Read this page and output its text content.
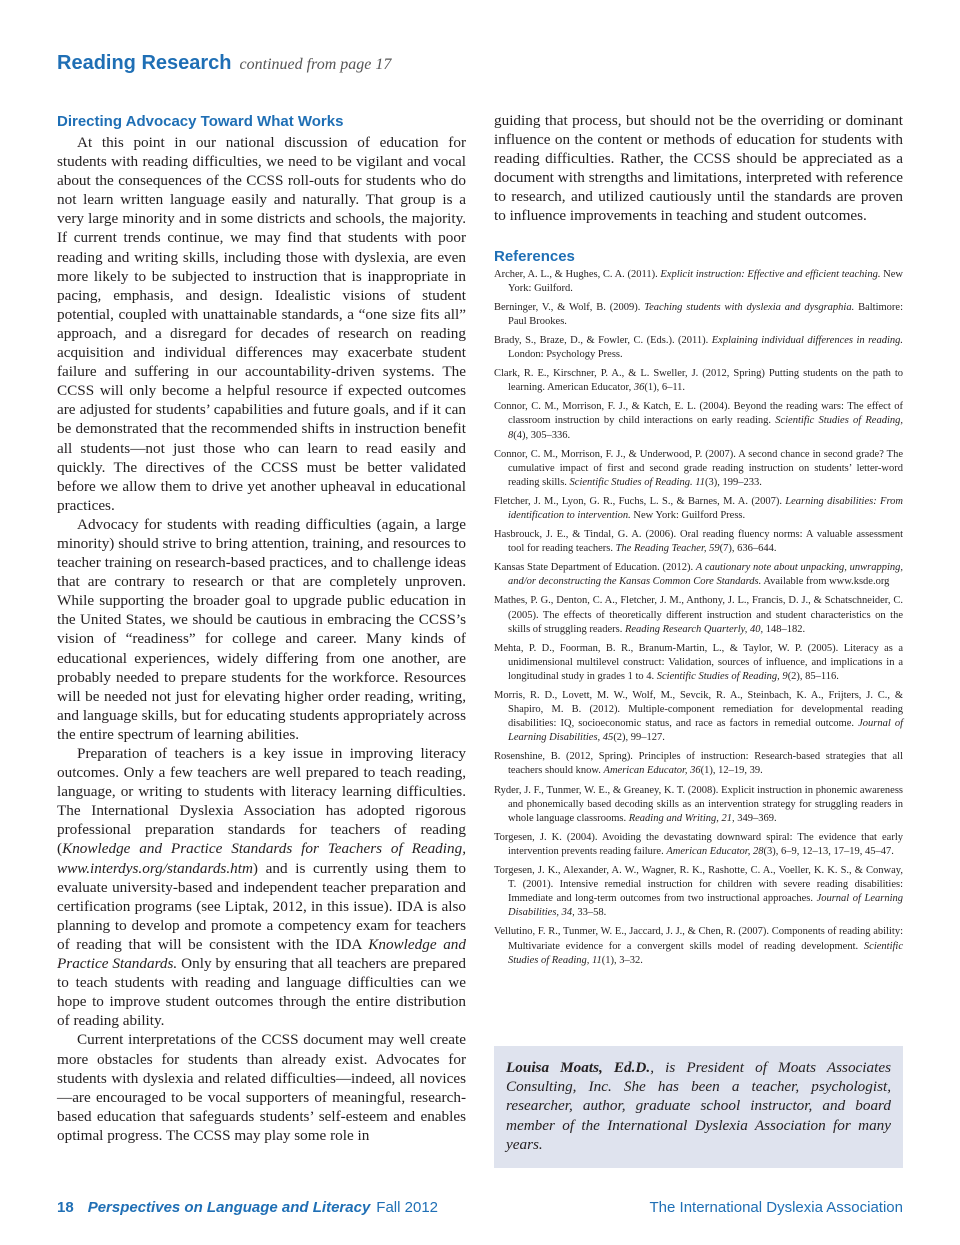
Reading Research continued from page 17
Directing Advocacy Toward What Works

At this point in our national discussion of education for students with reading difficulties, we need to be vigilant and vocal about the consequences of the CCSS roll-outs for students who do not learn written language easily and naturally. That group is a very large minority and in some districts and schools, the majority. If current trends continue, we may find that students with poor reading and writing skills, including those with dyslexia, are even more likely to be subjected to instruction that is inappropriate in pacing, emphasis, and design. Idealistic visions of student potential, coupled with unattainable standards, a “one size fits all” approach, and a disregard for decades of research on reading acquisition and individual differences may exacerbate student failure and suffering in our accountability-driven systems. The CCSS will only become a helpful resource if expected outcomes are adjusted for students’ capabilities and future goals, and if it can be demonstrated that the recommended shifts in instruction benefit all students—not just those who can learn to read easily and quickly. The directives of the CCSS must be better validated before we allow them to drive yet another upheaval in educational practices.

Advocacy for students with reading difficulties (again, a large minority) should strive to bring attention, training, and resources to teacher training on research-based practices, and to challenge ideas that are contrary to research or that are completely unproven. While supporting the broader goal to upgrade public education in the United States, we should be cautious in embracing the CCSS’s vision of “readiness” for college and career. Many kinds of educational experiences, widely differing from one another, are probably needed to prepare students for the workforce. Resources will be needed not just for elevating higher order reading, writing, and language skills, but for educating students appropriately across the entire spectrum of learning abilities.

Preparation of teachers is a key issue in improving literacy outcomes. Only a few teachers are well prepared to teach reading, language, or writing to students with literacy learning difficulties. The International Dyslexia Association has adopted rigorous professional preparation standards for teachers of reading (Knowledge and Practice Standards for Teachers of Reading, www.interdys.org/standards.htm) and is currently using them to evaluate university-based and independent teacher preparation and certification programs (see Liptak, 2012, in this issue). IDA is also planning to develop and promote a competency exam for teachers of reading that will be consistent with the IDA Knowledge and Practice Standards. Only by ensuring that all teachers are prepared to teach students with reading and language difficulties can we hope to improve student outcomes through the entire distribution of reading ability.

Current interpretations of the CCSS document may well create more obstacles for students than already exist. Advocates for students with dyslexia and related difficulties—indeed, all novices—are encouraged to be vocal supporters of meaningful, research-based education that safeguards students’ self-esteem and enables optimal progress. The CCSS may play some role in

guiding that process, but should not be the overriding or dominant influence on the content or methods of education for students with reading difficulties. Rather, the CCSS should be appreciated as a document with strengths and limitations, interpreted with reference to research, and utilized cautiously until the standards are proven to influence improvements in teaching and student outcomes.

References
Archer, A. L., & Hughes, C. A. (2011). Explicit instruction: Effective and efficient teaching. New York: Guilford.
Berninger, V., & Wolf, B. (2009). Teaching students with dyslexia and dysgraphia. Baltimore: Paul Brookes.
Brady, S., Braze, D., & Fowler, C. (Eds.). (2011). Explaining individual differences in reading. London: Psychology Press.
Clark, R. E., Kirschner, P. A., & L. Sweller, J. (2012, Spring) Putting students on the path to learning. American Educator, 36(1), 6–11.
Connor, C. M., Morrison, F. J., & Katch, E. L. (2004). Beyond the reading wars: The effect of classroom instruction by child interactions on early reading. Scientific Studies of Reading, 8(4), 305–336.
Connor, C. M., Morrison, F. J., & Underwood, P. (2007). A second chance in second grade? The cumulative impact of first and second grade reading instruction on students’ letter-word reading skills. Scientific Studies of Reading. 11(3), 199–233.
Fletcher, J. M., Lyon, G. R., Fuchs, L. S., & Barnes, M. A. (2007). Learning disabilities: From identification to intervention. New York: Guilford Press.
Hasbrouck, J. E., & Tindal, G. A. (2006). Oral reading fluency norms: A valuable assessment tool for reading teachers. The Reading Teacher, 59(7), 636–644.
Kansas State Department of Education. (2012). A cautionary note about unpacking, unwrapping, and/or deconstructing the Kansas Common Core Standards. Available from www.ksde.org
Mathes, P. G., Denton, C. A., Fletcher, J. M., Anthony, J. L., Francis, D. J., & Schatschneider, C. (2005). The effects of theoretically different instruction and student characteristics on the skills of struggling readers. Reading Research Quarterly, 40, 148–182.
Mehta, P. D., Foorman, B. R., Branum-Martin, L., & Taylor, W. P. (2005). Literacy as a unidimensional multilevel construct: Validation, sources of influence, and implications in a longitudinal study in grades 1 to 4. Scientific Studies of Reading, 9(2), 85–116.
Morris, R. D., Lovett, M. W., Wolf, M., Sevcik, R. A., Steinbach, K. A., Frijters, J. C., & Shapiro, M. B. (2012). Multiple-component remediation for developmental reading disabilities: IQ, socioeconomic status, and race as factors in remedial outcome. Journal of Learning Disabilities, 45(2), 99–127.
Rosenshine, B. (2012, Spring). Principles of instruction: Research-based strategies that all teachers should know. American Educator, 36(1), 12–19, 39.
Ryder, J. F., Tunmer, W. E., & Greaney, K. T. (2008). Explicit instruction in phonemic awareness and phonemically based decoding skills as an intervention strategy for struggling readers in whole language classrooms. Reading and Writing, 21, 349–369.
Torgesen, J. K. (2004). Avoiding the devastating downward spiral: The evidence that early intervention prevents reading failure. American Educator, 28(3), 6–9, 12–13, 17–19, 45–47.
Torgesen, J. K., Alexander, A. W., Wagner, R. K., Rashotte, C. A., Voeller, K. K. S., & Conway, T. (2001). Intensive remedial instruction for children with severe reading disabilities: Immediate and long-term outcomes from two instructional approaches. Journal of Learning Disabilities, 34, 33–58.
Vellutino, F. R., Tunmer, W. E., Jaccard, J. J., & Chen, R. (2007). Components of reading ability: Multivariate evidence for a convergent skills model of reading development. Scientific Studies of Reading, 11(1), 3–32.
Louisa Moats, Ed.D., is President of Moats Associates Consulting, Inc. She has been a teacher, psychologist, researcher, author, graduate school instructor, and board member of the International Dyslexia Association for many years.
18 Perspectives on Language and Literacy Fall 2012	The International Dyslexia Association
